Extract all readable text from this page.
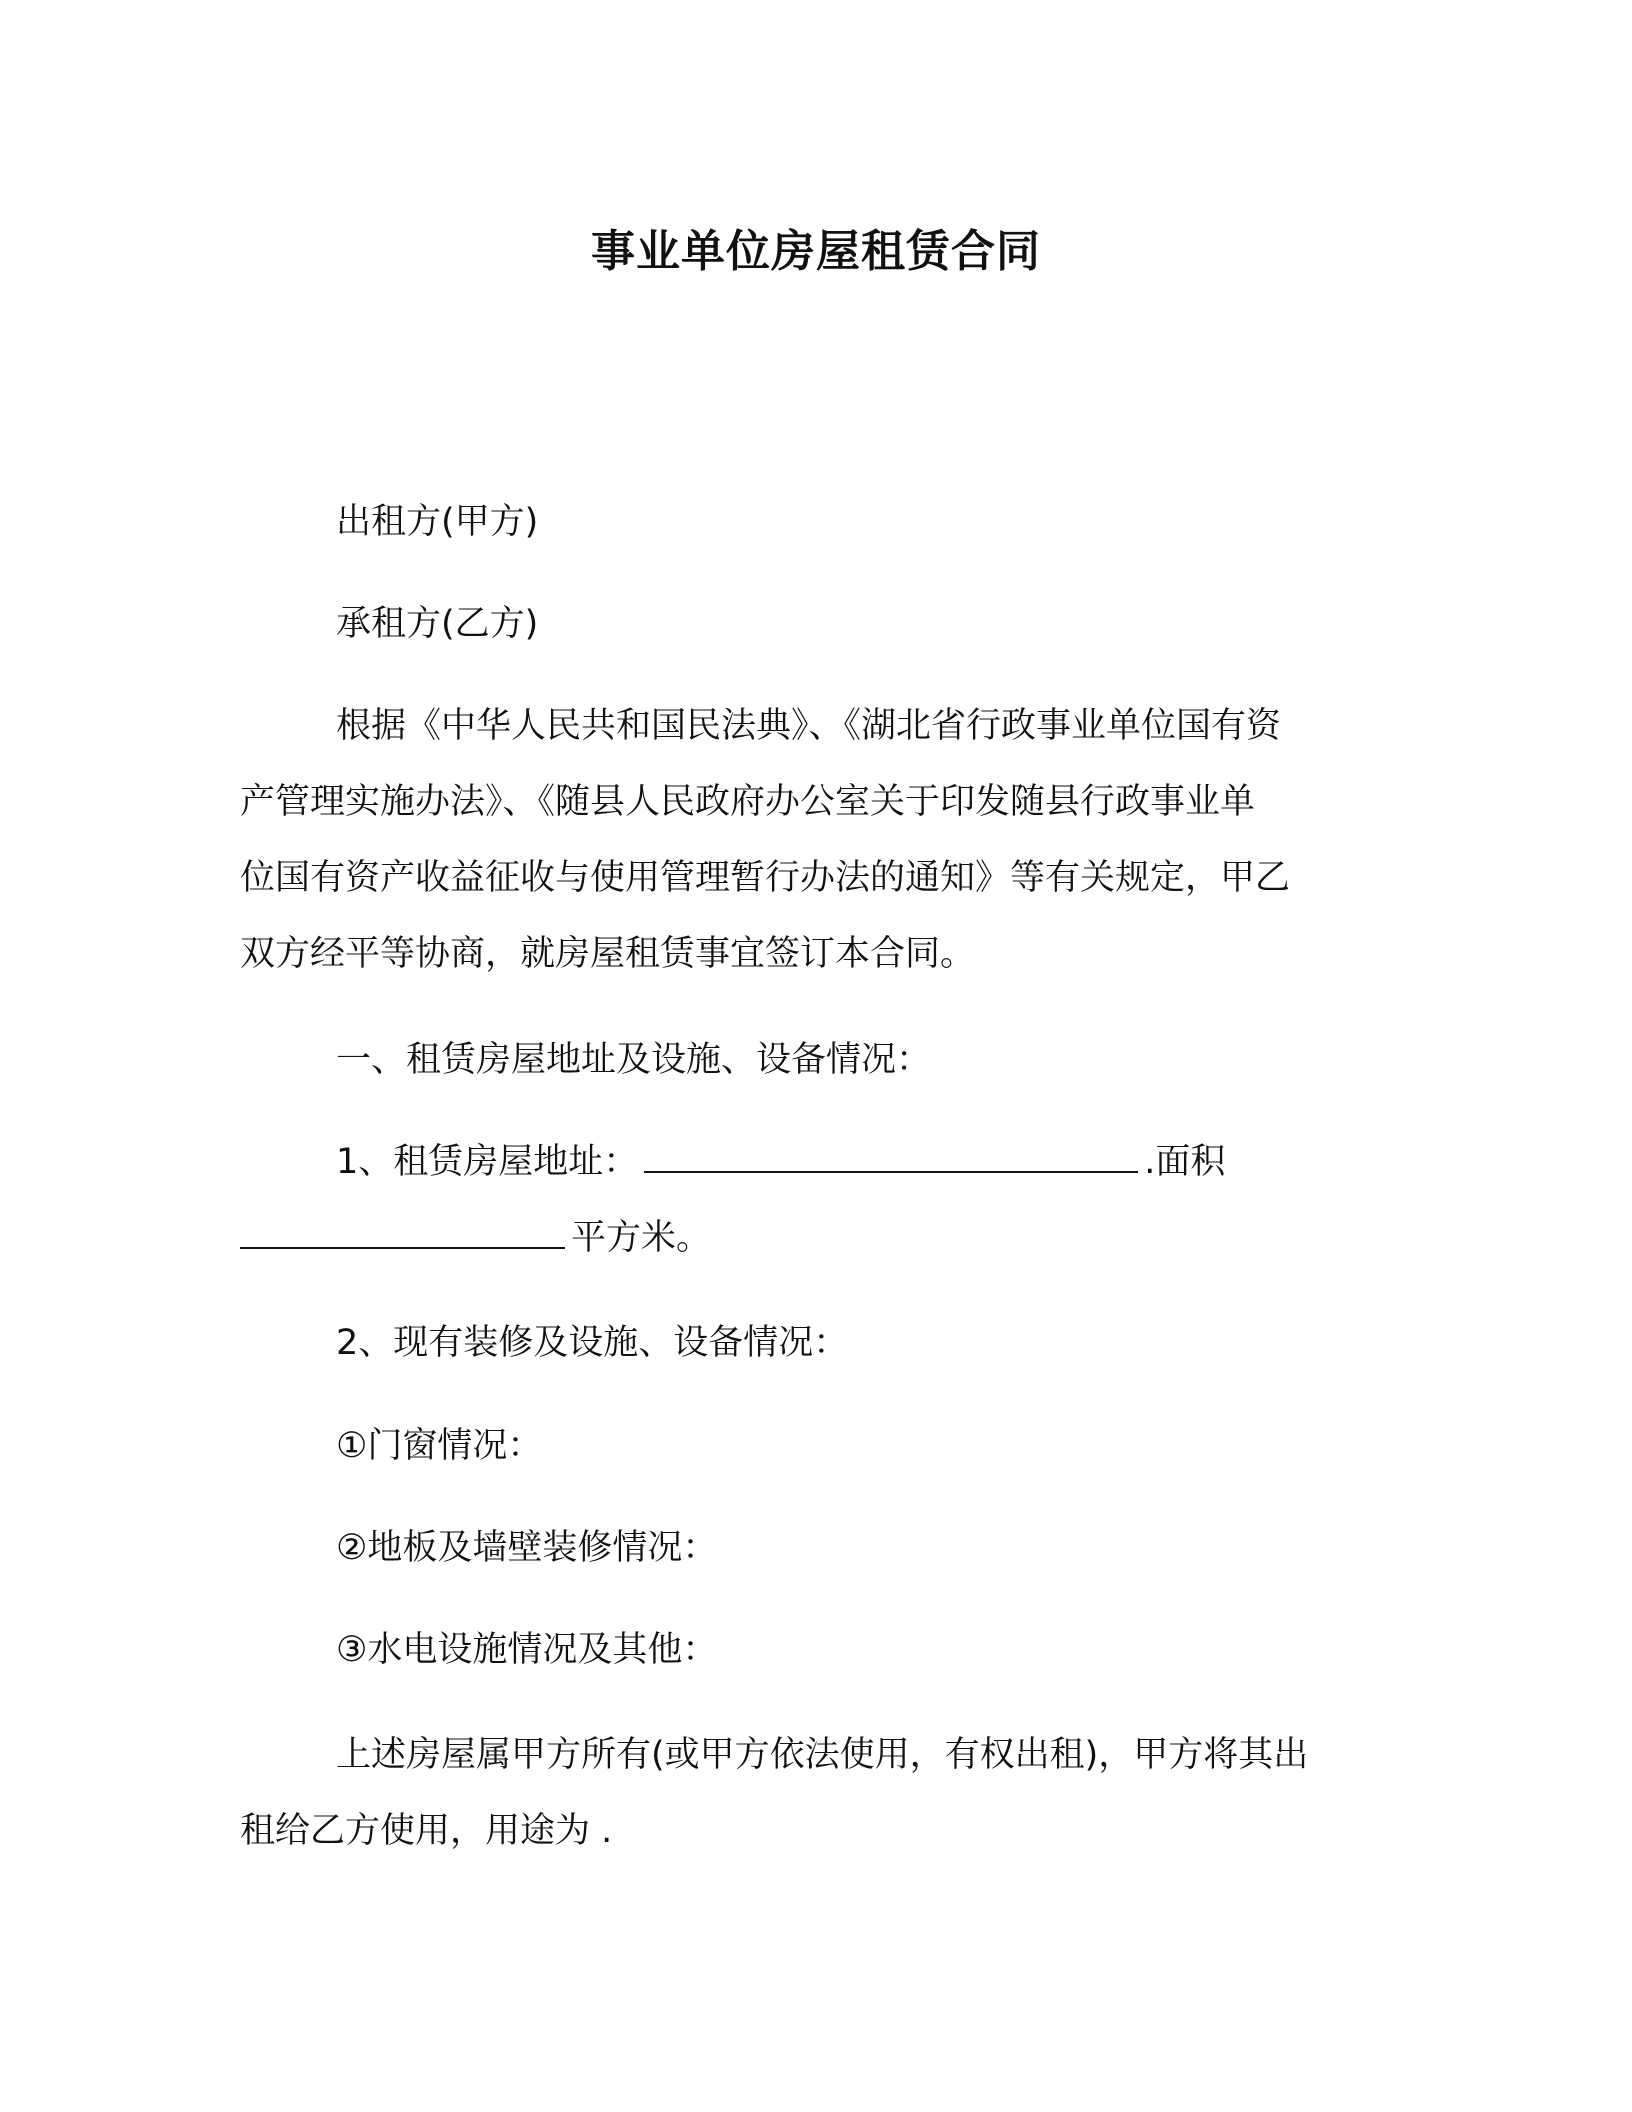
事业单位房屋租赁合同
出租方(甲方)
承租方(乙方)
根据《中华人民共和国民法典》、《湖北省行政事业单位国有资
产管理实施办法》、《随县人民政府办公室关于印发随县行政事业单
位国有资产收益征收与使用管理暂行办法的通知》等有关规定，甲乙
双方经平等协商，就房屋租赁事宜签订本合同。
一、租赁房屋地址及设施、设备情况：
1、租赁房屋地址：	.面积
平方米。
2、现有装修及设施、设备情况：
①门窗情况：
②地板及墙壁装修情况：
③水电设施情况及其他：
上述房屋属甲方所有(或甲方依法使用，有权出租)，甲方将其出
租给乙方使用，用途为 .
